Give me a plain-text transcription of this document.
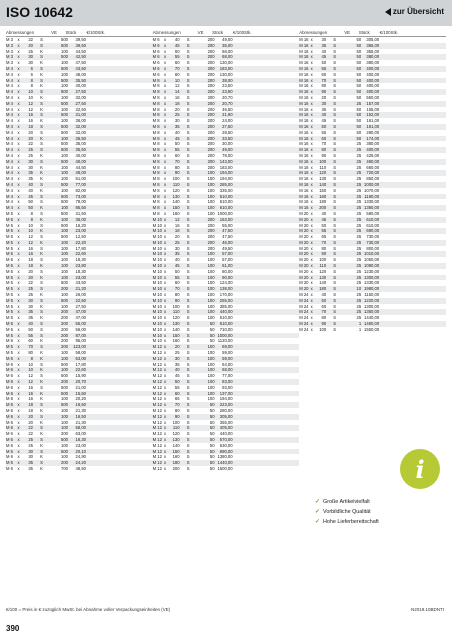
ISO 10642	zur Übersicht
Abmessungen	VE	Stück	€/100Stk.
M 3	x	22	S	500	39,50
M 3	x	20	S	500	39,50
M 3	x	25	K	100	44,50
M 3	x	30	S	500	42,50
M 3	x	30	K	100	47,50
M 4	x	6	S	500	43,50
M 4	x	6	K	100	48,00
M 4	x	8	S	500	35,50
M 4	x	8	K	100	40,00
M 4	x	10	S	500	27,50
M 4	x	10	K	100	32,00
M 4	x	12	S	500	27,50
M 4	x	12	K	100	32,50
M 4	x	16	S	500	31,00
M 4	x	16	K	100	36,00
M 4	x	18	S	500	32,00
M 4	x	20	S	500	32,00
M 4	x	20	K	100	36,50
M 4	x	22	S	500	35,00
M 4	x	25	S	500	35,50
M 4	x	25	K	100	40,00
M 4	x	30	S	500	40,00
M 4	x	30	K	100	44,50
M 4	x	35	K	100	46,00
M 4	x	35	K	100	51,00
M 4	x	40	S	500	77,00
M 4	x	40	K	100	82,00
M 4	x	45	S	500	73,00
M 4	x	50	S	500	78,00
M 4	x	50	K	100	85,50
M 5	x	8	S	500	31,50
M 5	x	8	K	100	36,00
M 5	x	10	S	500	16,20
M 5	x	10	K	100	23,00
M 5	x	12	S	500	12,50
M 5	x	12	K	100	22,20
M 5	x	16	S	100	17,80
M 5	x	16	K	100	22,60
M 5	x	18	S	100	18,30
M 5	x	18	K	100	23,80
M 5	x	20	S	100	18,30
M 5	x	20	K	100	23,00
M 5	x	22	S	500	43,50
M 5	x	25	S	200	21,20
M 5	x	25	K	100	26,00
M 5	x	30	S	500	22,50
M 5	x	30	K	100	27,50
M 5	x	35	S	200	47,00
M 5	x	35	K	200	47,00
M 5	x	40	S	200	55,00
M 5	x	50	S	200	56,00
M 5	x	55	S	200	87,00
M 5	x	60	K	200	95,00
M 5	x	70	S	200	123,00
M 5	x	80	K	100	58,00
M 6	x	8	K	100	63,00
M 6	x	10	S	500	17,80
M 6	x	10	K	100	22,60
M 6	x	12	S	500	15,90
M 6	x	12	K	200	20,70
M 6	x	16	S	500	21,00
M 6	x	16	K	500	15,50
M 6	x	16	K	100	20,20
M 6	x	18	S	500	16,50
M 6	x	18	K	100	21,30
M 6	x	20	S	100	16,50
M 6	x	20	K	100	21,30
M 6	x	22	S	100	58,00
M 6	x	22	K	200	63,00
M 6	x	25	S	500	18,30
M 6	x	25	K	100	23,00
M 6	x	30	S	500	20,10
M 6	x	30	K	100	24,90
M 6	x	35	S	200	24,20
M 6	x	35	K	700	48,50
Abmessungen	VE	Stück	€/100Stk.
M 6	x	40	S	200	49,00
M 6	x	45	S	200	35,00
M 6	x	50	S	200	68,00
M 6	x	55	S	200	68,00
M 6	x	60	S	200	130,00
M 6	x	70	S	200	183,00
M 6	x	80	S	200	130,00
M 8	x	10	S	200	38,00
M 8	x	12	S	200	23,50
M 8	x	14	S	200	23,90
M 8	x	16	S	200	20,70
M 8	x	18	S	200	20,70
M 8	x	20	S	200	46,50
M 8	x	25	S	200	21,90
M 8	x	30	S	200	24,00
M 8	x	35	S	200	27,50
M 8	x	40	S	200	28,50
M 8	x	45	S	200	33,50
M 8	x	50	S	200	30,00
M 8	x	55	S	200	49,00
M 8	x	60	S	200	78,00
M 8	x	70	S	200	143,00
M 8	x	80	S	200	183,00
M 8	x	90	S	100	194,00
M 8	x	100	S	100	194,00
M 8	x	110	S	100	285,00
M 8	x	120	S	100	335,00
M 8	x	130	S	100	510,00
M 8	x	140	S	100	610,00
M 8	x	150	S	100	610,00
M 8	x	160	S	100 1000,00
M 10 x	12	S	200	163,00
M 10 x	16	S	200	55,00
M 10 x	18	S	200	47,50
M 10 x	20	S	200	47,50
M 10 x	25	S	200	46,00
M 10 x	30	S	200	49,50
M 10 x	35	S	100	57,00
M 10 x	40	S	100	57,00
M 10 x	45	S	100	61,00
M 10 x	50	S	100	80,00
M 10 x	55	S	100	90,00
M 10 x	60	S	100	124,00
M 10 x	70	S	100	138,00
M 10 x	80	S	100	170,00
M 10 x	90	S	100	255,00
M 10 x	100	S	100	385,00
M 10 x	110	S	100	440,00
M 10 x	120	S	100	510,00
M 10 x	130	S	50	610,00
M 10 x	140	S	50	710,00
M 10 x	150	S	50 1000,00
M 10 x	160	S	50 1120,00
M 12 x	20	S	100	69,00
M 12 x	25	S	100	59,00
M 12 x	30	S	100	59,00
M 12 x	35	S	100	64,00
M 12 x	40	S	100	68,00
M 12 x	45	S	100	77,00
M 12 x	50	S	100	83,00
M 12 x	55	S	100	93,00
M 12 x	60	S	100	137,00
M 12 x	65	S	100	194,00
M 12 x	70	S	50	223,00
M 12 x	80	S	50	280,00
M 12 x	90	S	50	305,00
M 12 x	100	S	50	355,00
M 12 x	110	S	50	405,00
M 12 x	120	S	50	440,00
M 12 x	130	S	50	570,00
M 12 x	140	S	50	630,00
M 12 x	150	S	50	690,00
M 12 x	160	S	50 1380,00
M 12 x	180	S	50 1440,00
M 12 x	200	S	50 1500,00
Abmessungen	VE	Stück	€/100Stk.
M 16 x	30	S	50	305,00
M 16 x	35	S	50	365,00
M 16 x	40	S	50	355,00
M 16 x	45	S	50	380,00
M 16 x	50	S	50	380,00
M 16 x	55	S	50	400,00
M 16 x	60	S	50	400,00
M 16 x	70	S	50	400,00
M 16 x	80	S	50	400,00
M 16 x	90	S	50	400,00
M 16 x	20	S	50	550,00
M 16 x	30	S	25	157,00
M 16 x	35	S	50	155,00
M 16 x	40	S	50	152,00
M 16 x	45	S	50	161,00
M 16 x	50	S	50	161,00
M 16 x	55	S	50	280,00
M 16 x	60	S	50	174,00
M 16 x	70	S	25	380,00
M 16 x	80	S	25	400,00
M 16 x	90	S	25	425,00
M 16 x	100	S	25	460,00
M 16 x	110	S	25	660,00
M 16 x	120	S	25	720,00
M 16 x	130	S	25	850,00
M 16 x	140	S	25 1000,00
M 16 x	150	S	25 1070,00
M 16 x	160	S	25 1190,00
M 16 x	180	S	25 1330,00
M 16 x	200	S	25 1360,00
M 20 x	40	S	25	580,00
M 20 x	45	S	25	610,00
M 20 x	50	S	25	610,00
M 20 x	55	S	25	690,00
M 20 x	65	S	25	730,00
M 20 x	70	S	25	730,00
M 20 x	80	S	25	800,00
M 20 x	90	S	25 1010,00
M 20 x	100	S	25 1050,00
M 20 x	110	S	25 1080,00
M 20 x	120	S	25 1230,00
M 20 x	130	S	25 1300,00
M 20 x	140	S	25 1330,00
M 20 x	180	S	10 1980,00
M 24 x	40	S	25 1150,00
M 24 x	50	S	25 1220,00
M 24 x	60	S	25 1300,00
M 24 x	70	S	25 1350,00
M 24 x	80	S	25 1440,00
M 24 x	90	S	1 1460,00
M 24 x	100	S	1 1550,00
i
✓ Große Artikelvielfalt
✓ Vorbildliche Qualität
✓ Hohe Lieferbereitschaft
€/100 = Preis in € zuzüglich MwSt. bei Abnahme voller Verpackungseinheiten (VE)	N2019.10BDNTI
390
